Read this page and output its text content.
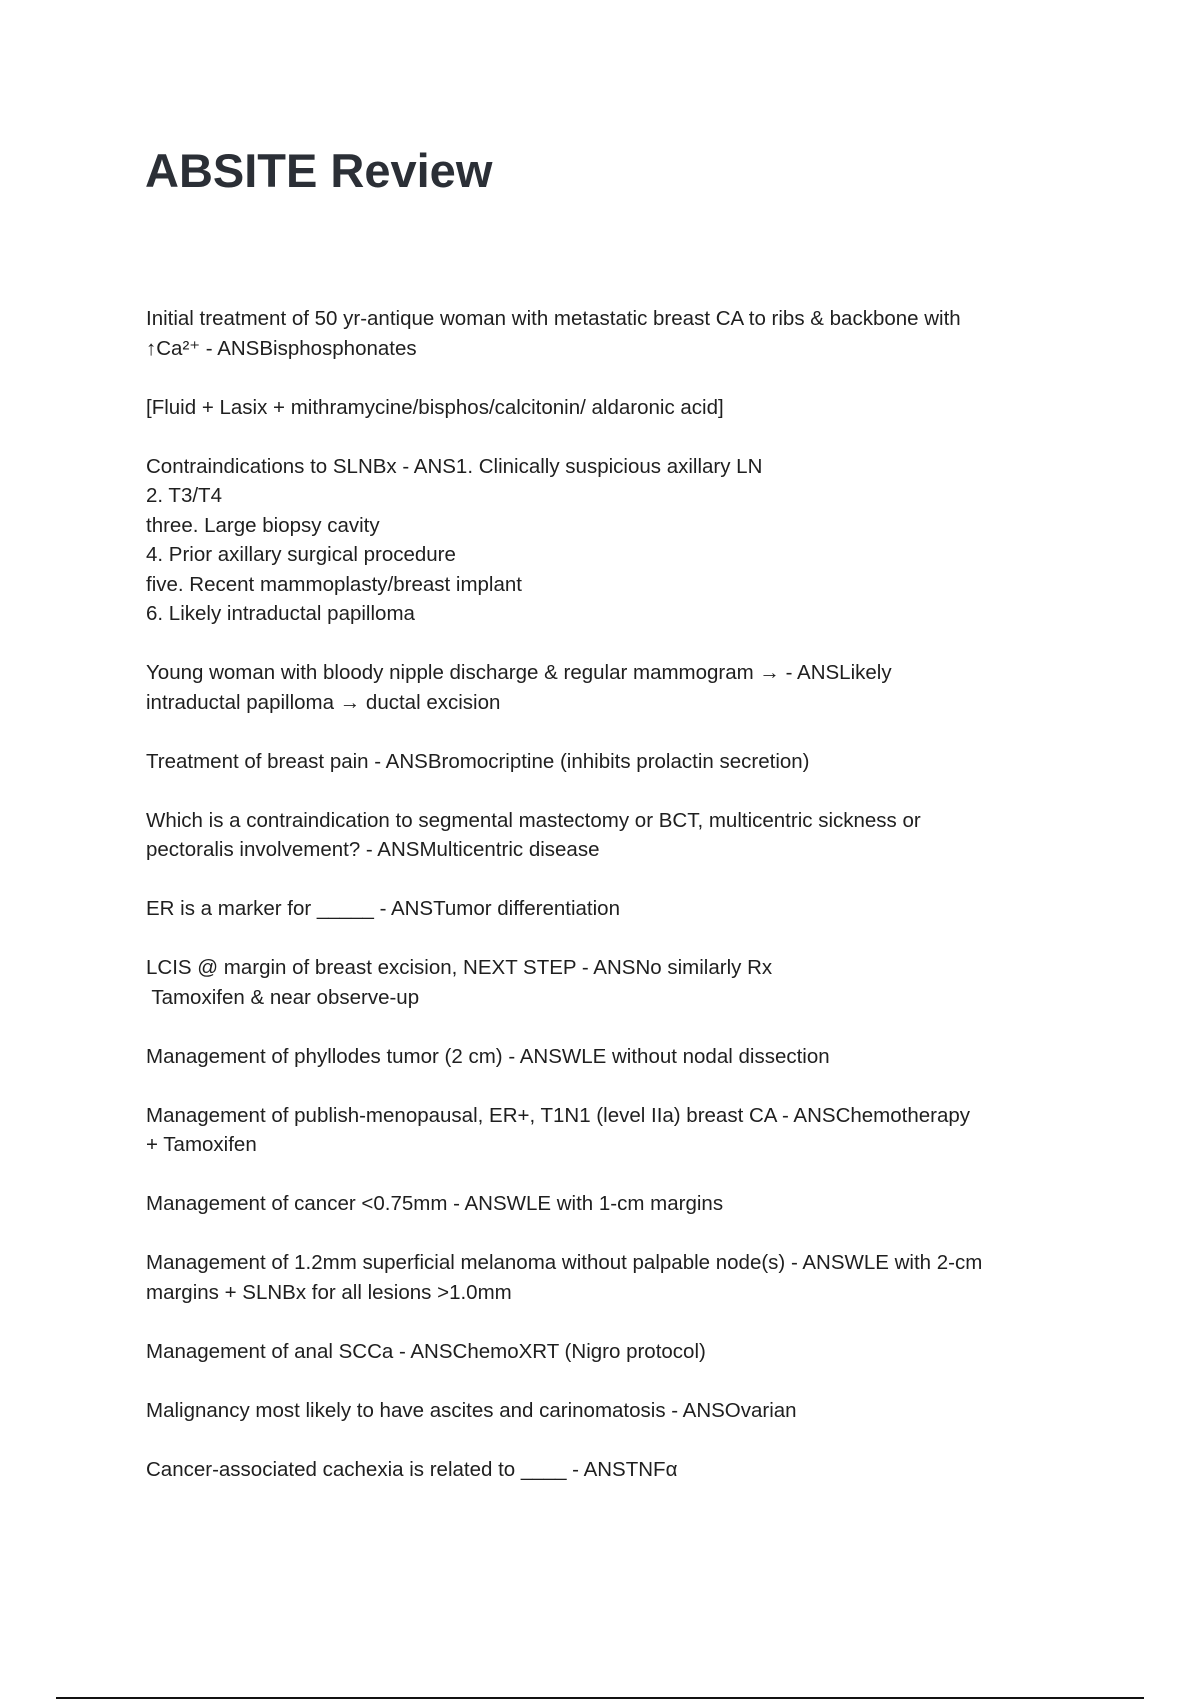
ABSITE Review

Initial treatment of 50 yr-antique woman with metastatic breast CA to ribs & backbone with
↑Ca²⁺ - ANSBisphosphonates

[Fluid + Lasix + mithramycine/bisphos/calcitonin/ aldaronic acid]

Contraindications to SLNBx - ANS1. Clinically suspicious axillary LN
2. T3/T4
three. Large biopsy cavity
4. Prior axillary surgical procedure
five. Recent mammoplasty/breast implant
6. Likely intraductal papilloma

Young woman with bloody nipple discharge & regular mammogram → - ANSLikely
intraductal papilloma → ductal excision

Treatment of breast pain - ANSBromocriptine (inhibits prolactin secretion)

Which is a contraindication to segmental mastectomy or BCT, multicentric sickness or
pectoralis involvement? - ANSMulticentric disease

ER is a marker for _____ - ANSTumor differentiation

LCIS @ margin of breast excision, NEXT STEP - ANSNo similarly Rx
Tamoxifen & near observe-up

Management of phyllodes tumor (2 cm) - ANSWLE without nodal dissection

Management of publish-menopausal, ER+, T1N1 (level IIa) breast CA - ANSChemotherapy
+ Tamoxifen

Management of cancer <0.75mm - ANSWLE with 1-cm margins

Management of 1.2mm superficial melanoma without palpable node(s) - ANSWLE with 2-cm
margins + SLNBx for all lesions >1.0mm

Management of anal SCCa - ANSChemoXRT (Nigro protocol)

Malignancy most likely to have ascites and carinomatosis - ANSOvarian

Cancer-associated cachexia is related to ____ - ANSTNFα
